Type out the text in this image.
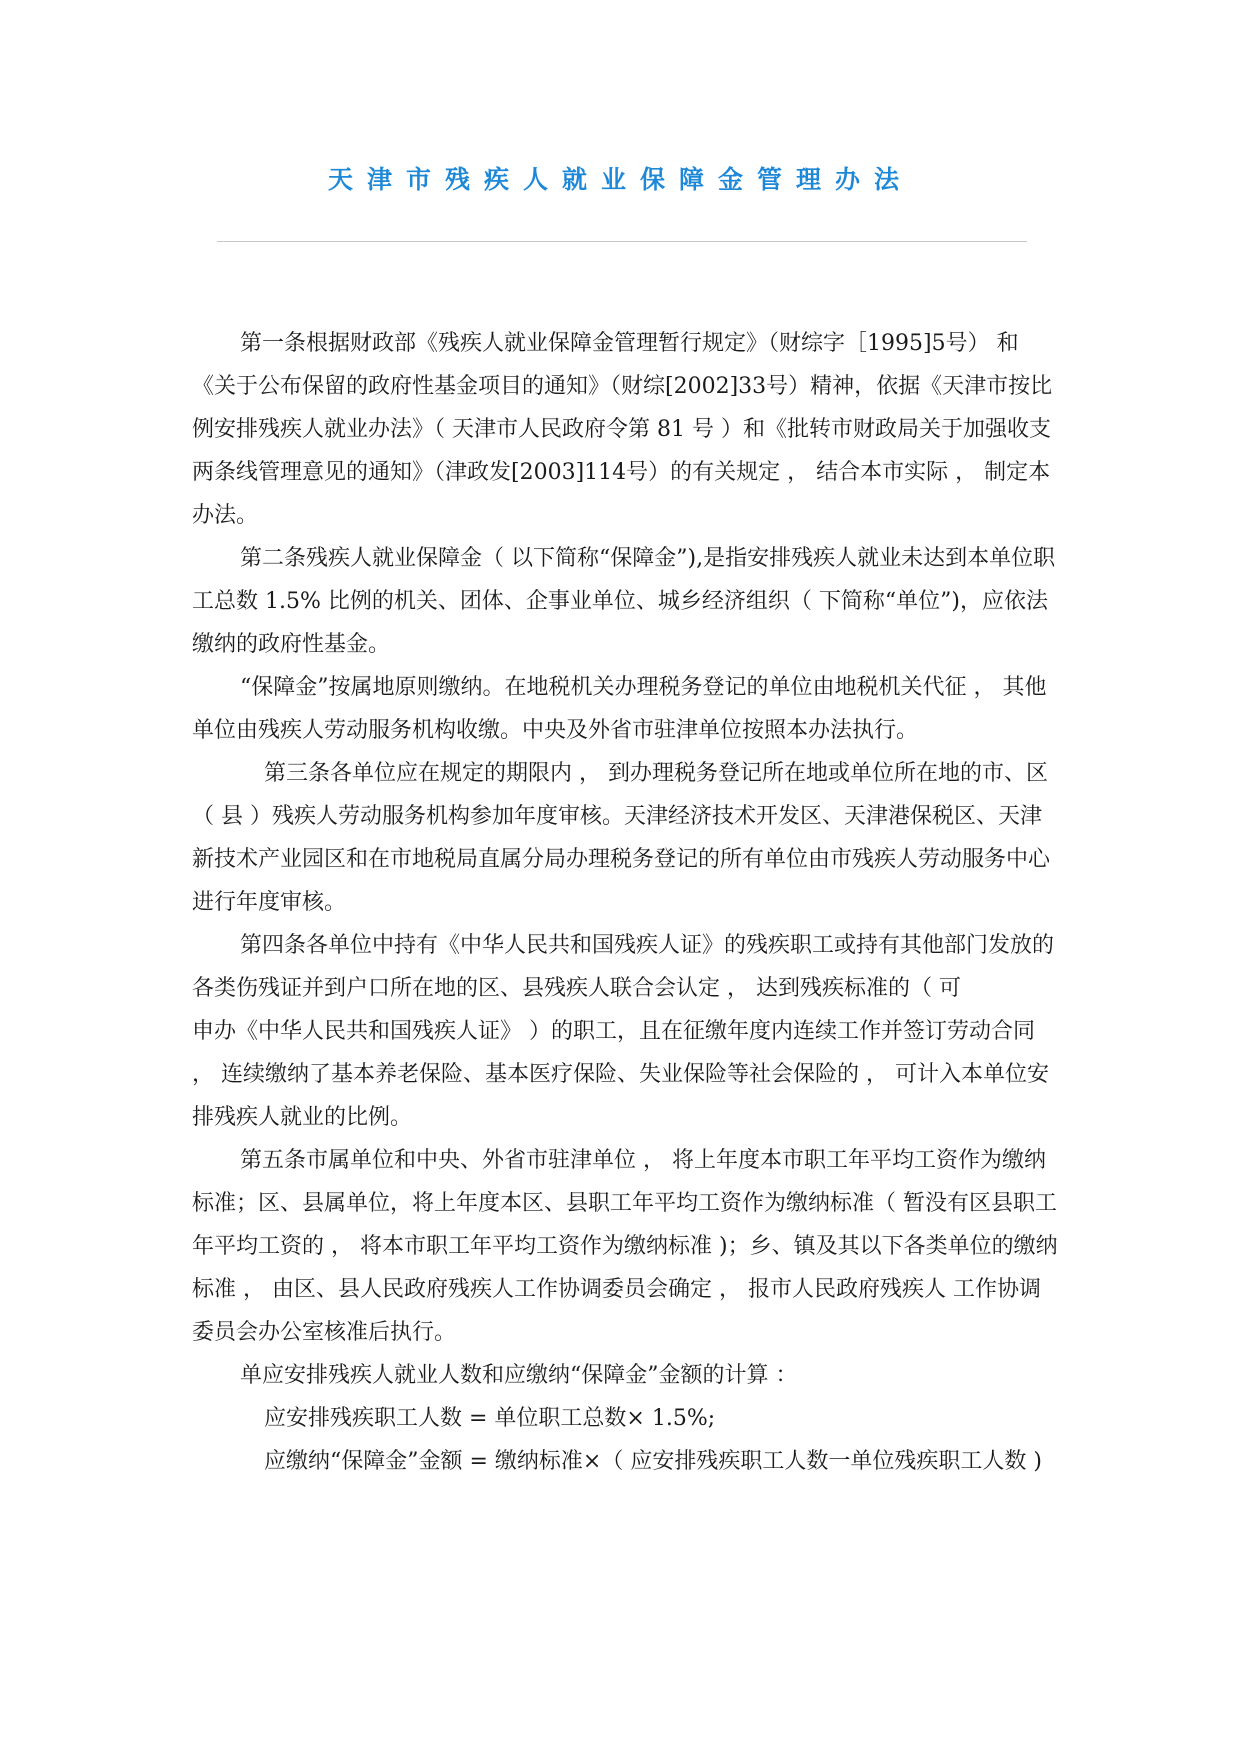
天津市残疾人就业保障金管理办法

第一条根据财政部《残疾人就业保障金管理暂行规定》（财综字［1995]5号） 和《关于公布保留的政府性基金项目的通知》（财综[2002]33号）精神，依据《天津市按比例安排残疾人就业办法》（ 天津市人民政府令第 81 号 ）和《批转市财政局关于加强收支两条线管理意见的通知》（津政发[2003]114号）的有关规定 ， 结合本市实际 ， 制定本办法。

第二条残疾人就业保障金（ 以下简称“保障金”),是指安排残疾人就业未达到本单位职工总数 1.5% 比例的机关、团体、企事业单位、城乡经济组织（ 下简称“单位”)，应依法缴纳的政府性基金。

“保障金”按属地原则缴纳。在地税机关办理税务登记的单位由地税机关代征 ， 其他单位由残疾人劳动服务机构收缴。中央及外省市驻津单位按照本办法执行。

第三条各单位应在规定的期限内 ， 到办理税务登记所在地或单位所在地的市、区（ 县 ）残疾人劳动服务机构参加年度审核。天津经济技术开发区、天津港保税区、天津新技术产业园区和在市地税局直属分局办理税务登记的所有单位由市残疾人劳动服务中心进行年度审核。

第四条各单位中持有《中华人民共和国残疾人证》的残疾职工或持有其他部门发放的各类伤残证并到户口所在地的区、县残疾人联合会认定 ， 达到残疾标准的（ 可

申办《中华人民共和国残疾人证》 ）的职工，且在征缴年度内连续工作并签订劳动合同 ， 连续缴纳了基本养老保险、基本医疗保险、失业保险等社会保险的 ， 可计入本单位安排残疾人就业的比例。

第五条市属单位和中央、外省市驻津单位 ， 将上年度本市职工年平均工资作为缴纳标准；区、县属单位，将上年度本区、县职工年平均工资作为缴纳标准（ 暂没有区县职工年平均工资的 ， 将本市职工年平均工资作为缴纳标准 )；乡、镇及其以下各类单位的缴纳标准 ， 由区、县人民政府残疾人工作协调委员会确定 ， 报市人民政府残疾人 工作协调委员会办公室核准后执行。

单应安排残疾人就业人数和应缴纳“保障金”金额的计算 ：

应安排残疾职工人数 = 单位职工总数× 1.5%;

应缴纳“保障金”金额 = 缴纳标准×（ 应安排残疾职工人数一单位残疾职工人数 )
